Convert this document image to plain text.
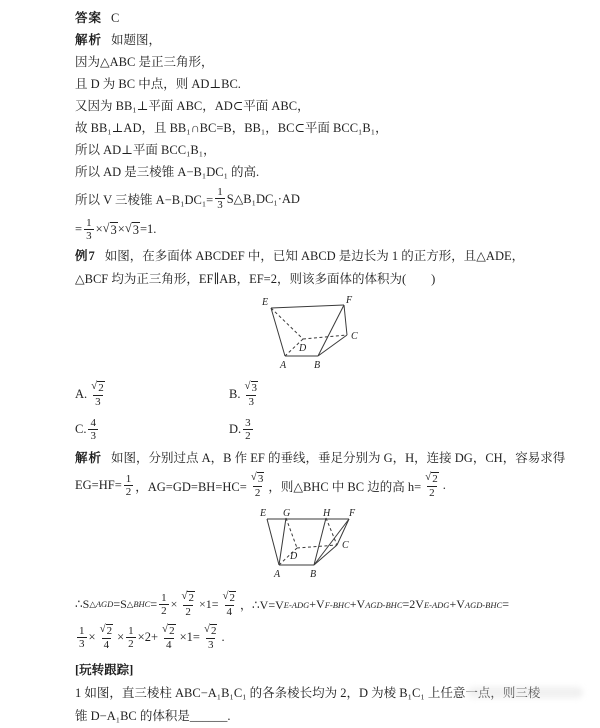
答案 C

解析 如题图，

因为△ABC 是正三角形，

且 D 为 BC 中点，则 AD⊥BC.

又因为 BB₁⊥平面 ABC，AD⊂平面 ABC，

故 BB₁⊥AD，且 BB₁∩BC=B，BB₁，BC⊂平面 BCC₁B₁，

所以 AD⊥平面 BCC₁B₁，

所以 AD 是三棱锥 A−B₁DC₁ 的高.

所以 V 三棱锥 $A-B_1DC_1= \frac{1}{3}$ S△B₁DC₁·AD
= $\frac{1}{3}$ × √ 3 × √ 3 =1.

例7 如图，在多面体 ABCDEF 中，已知 ABCD 是边长为 1 的正方形，且△ADE，△BCF 均为正三角形，EF∥AB，EF=2，则该多面体的体积为(　　)

E	F
C
D
A	B
A. $\frac{√ 2}{3}$	B. $\frac{√ 3}{3}$
C. $\frac{4}{3}$	D. $\frac{3}{2}$

解析 如图，分别过点 A，B 作 EF 的垂线，垂足分别为 G，H，连接 DG，CH，容易求得

$EG=HF= \frac{1}{2}$ ，$AG=GD=BH=HC= \frac{√ 3}{2}$ ，则△BHC 中 BC 边的高 $h= \frac{√ 2}{2}$ .
E G	H F
C
D
A	B
∴S △AGD =S △BHC = $\frac{1}{2} \times \frac{√ 2}{2} \times 1= \frac{√ 2}{4}$ ，∴V=V E-ADG +V F-BHC +V AGD-BHC =2V E-ADG +V AGD-BHC =
$\frac{1}{3} \times \frac{√ 2}{4} \times \frac{1}{2} \times 2+ \frac{√ 2}{4} \times 1= \frac{√ 2}{3}$ .

[玩转跟踪]

1 如图，直三棱柱 ABC−A₁B₁C₁ 的各条棱长均为 2，D 为棱 B₁C₁ 上任意一点，则三棱锥 D−A₁BC 的体积是______.
